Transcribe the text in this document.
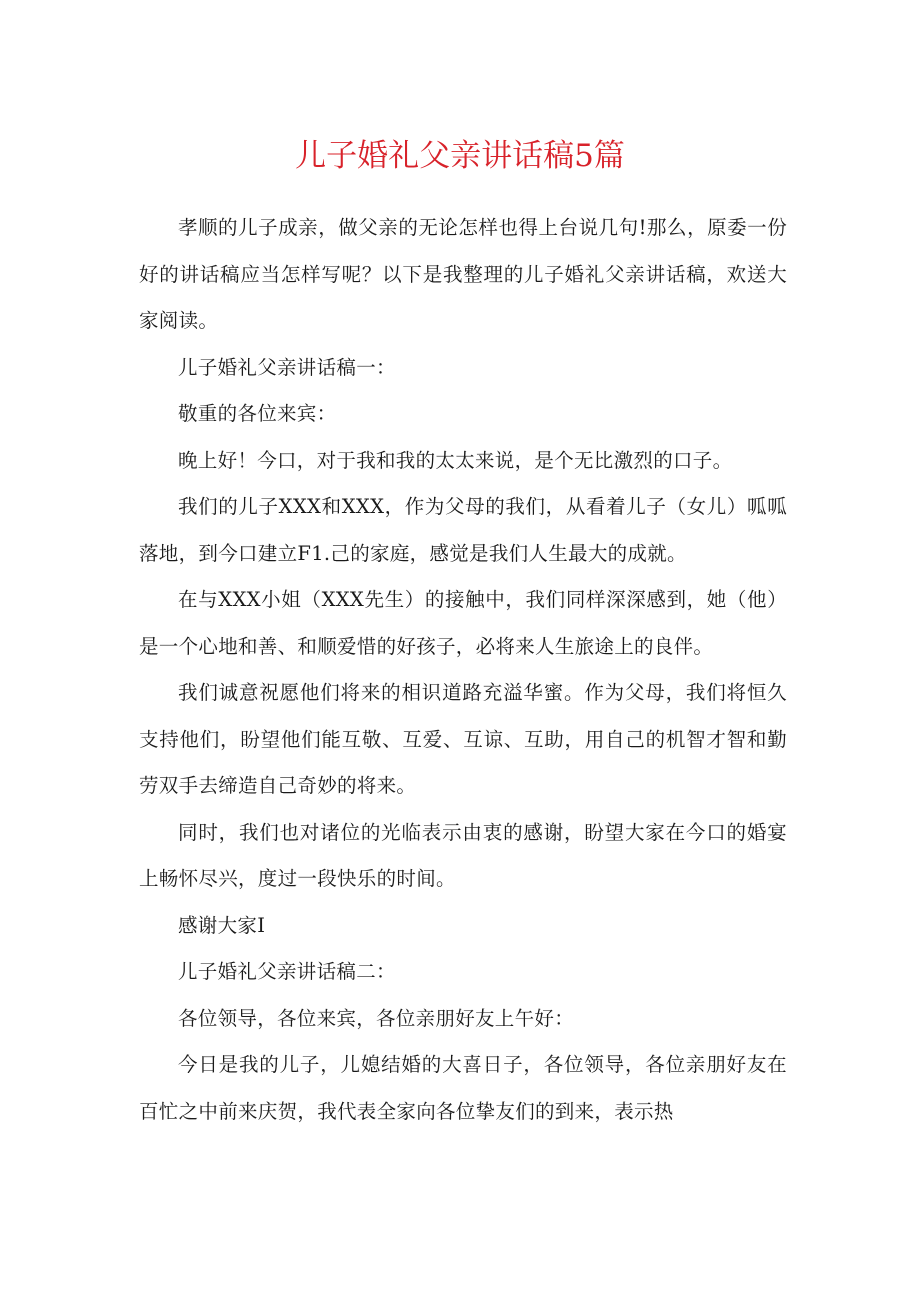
儿子婚礼父亲讲话稿5篇

孝顺的儿子成亲，做父亲的无论怎样也得上台说几句!那么，原委一份好的讲话稿应当怎样写呢？以下是我整理的儿子婚礼父亲讲话稿，欢送大家阅读。

儿子婚礼父亲讲话稿一：

敬重的各位来宾：

晚上好！今口，对于我和我的太太来说，是个无比激烈的口子。

我们的儿子XXX和XXX，作为父母的我们，从看着儿子（女儿）呱呱落地，到今口建立F1.己的家庭，感觉是我们人生最大的成就。

在与XXX小姐（XXX先生）的接触中，我们同样深深感到，她（他）是一个心地和善、和顺爱惜的好孩子，必将来人生旅途上的良伴。

我们诚意祝愿他们将来的相识道路充溢华蜜。作为父母，我们将恒久支持他们，盼望他们能互敬、互爱、互谅、互助，用自己的机智才智和勤劳双手去缔造自己奇妙的将来。

同时，我们也对诸位的光临表示由衷的感谢，盼望大家在今口的婚宴上畅怀尽兴，度过一段快乐的时间。

感谢大家I

儿子婚礼父亲讲话稿二：

各位领导，各位来宾，各位亲朋好友上午好：

今日是我的儿子，儿媳结婚的大喜日子，各位领导，各位亲朋好友在百忙之中前来庆贺，我代表全家向各位挚友们的到来，表示热
